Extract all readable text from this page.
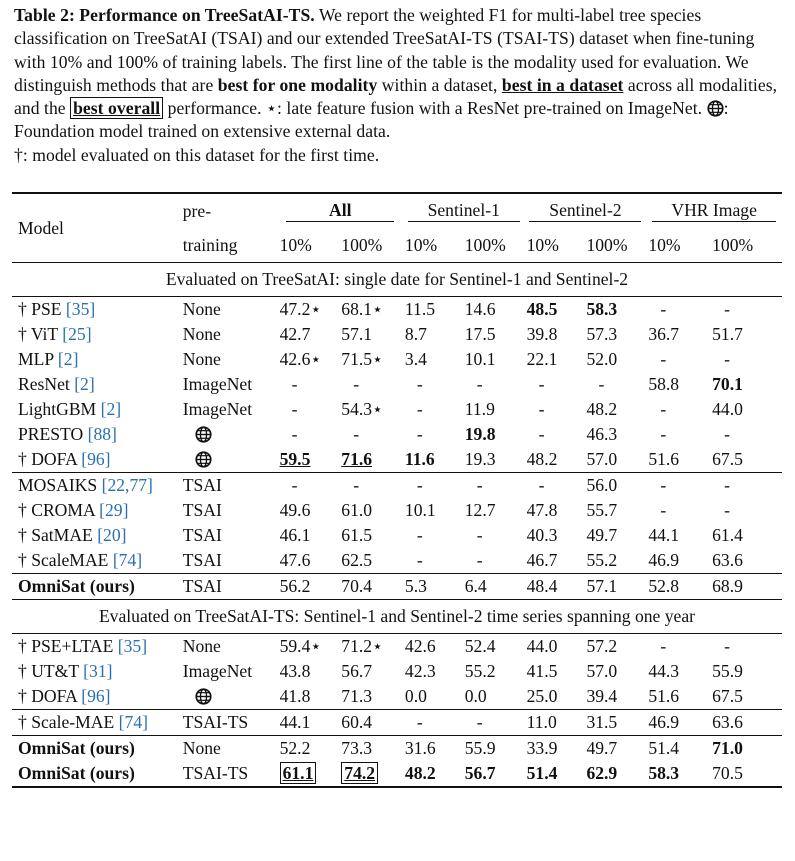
Table 2: Performance on TreeSatAI-TS. We report the weighted F1 for multi-label tree species classification on TreeSatAI (TSAI) and our extended TreeSatAI-TS (TSAI-TS) dataset when fine-tuning with 10% and 100% of training labels. The first line of the table is the modality used for evaluation. We distinguish methods that are best for one modality within a dataset, best in a dataset across all modalities, and the best overall performance. ⋆: late feature fusion with a ResNet pre-trained on ImageNet. : Foundation model trained on extensive external data.
†: model evaluated on this dataset for the first time.
Model	pre-	All		Sentinel-1		Sentinel-2		VHR Image	
	training	10%	100%	10%	100%	10%	100%	10%	100%
Evaluated on TreeSatAI: single date for Sentinel-1 and Sentinel-2									
† PSE [35]	None	47.2⋆	68.1⋆	11.5	14.6	48.5	58.3	-	-
† ViT [25]	None	42.7	57.1	8.7	17.5	39.8	57.3	36.7	51.7
MLP [2]	None	42.6⋆	71.5⋆	3.4	10.1	22.1	52.0	-	-
ResNet [2]	ImageNet	-	-	-	-	-	-	58.8	70.1
LightGBM [2]	ImageNet	-	54.3⋆	-	11.9	-	48.2	-	44.0
PRESTO [88]		-	-	-	19.8	-	46.3	-	-
† DOFA [96]		59.5	71.6	11.6	19.3	48.2	57.0	51.6	67.5
MOSAIKS [22,77]	TSAI	-	-	-	-	-	56.0	-	-
† CROMA [29]	TSAI	49.6	61.0	10.1	12.7	47.8	55.7	-	-
† SatMAE [20]	TSAI	46.1	61.5	-	-	40.3	49.7	44.1	61.4
† ScaleMAE [74]	TSAI	47.6	62.5	-	-	46.7	55.2	46.9	63.6
OmniSat (ours)	TSAI	56.2	70.4	5.3	6.4	48.4	57.1	52.8	68.9
Evaluated on TreeSatAI-TS: Sentinel-1 and Sentinel-2 time series spanning one year									
† PSE+LTAE [35]	None	59.4⋆	71.2⋆	42.6	52.4	44.0	57.2	-	-
† UT&T [31]	ImageNet	43.8	56.7	42.3	55.2	41.5	57.0	44.3	55.9
† DOFA [96]		41.8	71.3	0.0	0.0	25.0	39.4	51.6	67.5
† Scale-MAE [74]	TSAI-TS	44.1	60.4	-	-	11.0	31.5	46.9	63.6
OmniSat (ours)	None	52.2	73.3	31.6	55.9	33.9	49.7	51.4	71.0
OmniSat (ours)	TSAI-TS	61.1	74.2	48.2	56.7	51.4	62.9	58.3	70.5
